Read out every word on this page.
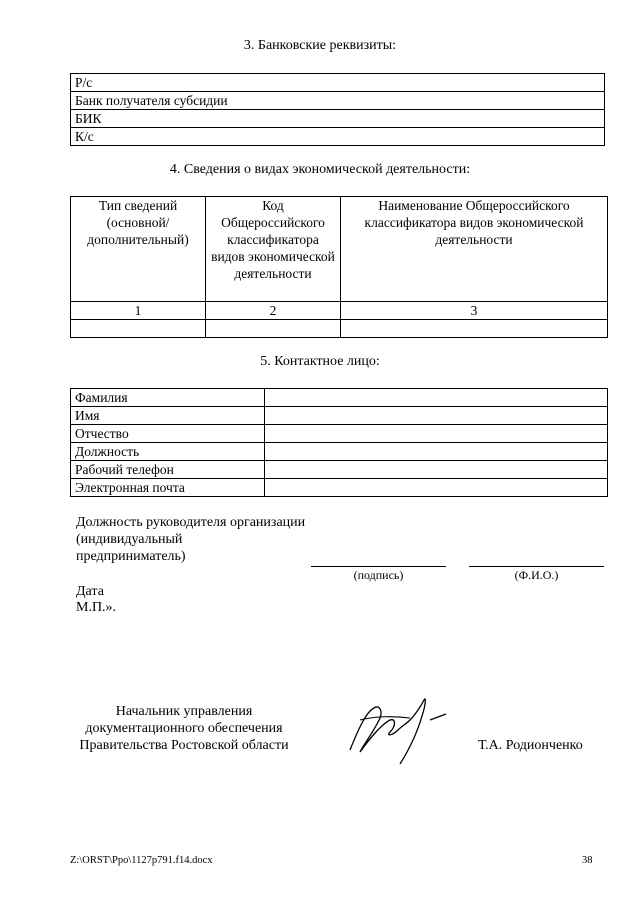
3. Банковские реквизиты:
Р/с
Банк получателя субсидии
БИК
К/с
4. Сведения о видах экономической деятельности:
Тип сведений (основной/ дополнительный)	Код Общероссийского классификатора видов экономической деятельности	Наименование Общероссийского классификатора видов экономической деятельности
1	2	3

5. Контактное лицо:
Фамилия	
Имя	
Отчество	
Должность	
Рабочий телефон	
Электронная почта	
Должность руководителя организации
(индивидуальный
предприниматель)
(подпись)	(Ф.И.О.)
Дата
М.П.».
Начальник управления
документационного обеспечения
Правительства Ростовской области	Т.А. Родионченко
Z:\ORST\Ppo\1127p791.f14.docx	38
